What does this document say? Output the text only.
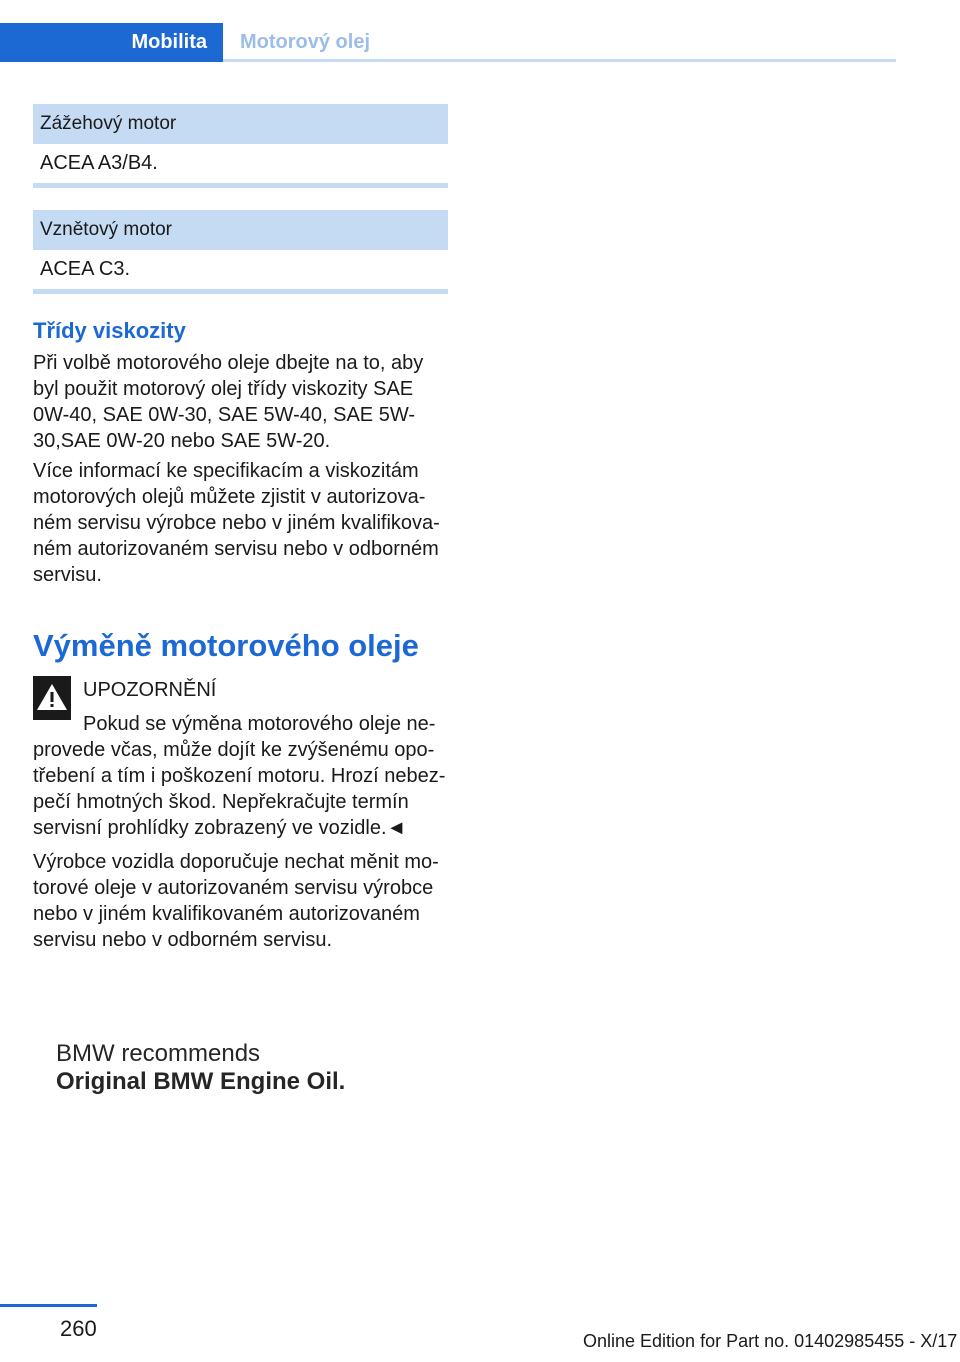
Mobilita	Motorový olej
Zážehový motor
ACEA A3/B4.
Vznětový motor
ACEA C3.
Třídy viskozity
Při volbě motorového oleje dbejte na to, aby byl použit motorový olej třídy viskozity SAE 0W-40, SAE 0W-30, SAE 5W-40, SAE 5W-30,SAE 0W-20 nebo SAE 5W-20.
Více informací ke specifikacím a viskozitám motorových olejů můžete zjistit v autorizova- ném servisu výrobce nebo v jiném kvalifikova- ném autorizovaném servisu nebo v odborném servisu.
Výměně motorového oleje
UPOZORNĚNÍ
Pokud se výměna motorového oleje ne- provede včas, může dojít ke zvýšenému opo- třebení a tím i poškození motoru. Hrozí nebez- pečí hmotných škod. Nepřekračujte termín servisní prohlídky zobrazený ve vozidle.◄
Výrobce vozidla doporučuje nechat měnit mo- torové oleje v autorizovaném servisu výrobce nebo v jiném kvalifikovaném autorizovaném servisu nebo v odborném servisu.
BMW recommends
Original BMW Engine Oil.
260	Online Edition for Part no. 01402985455 - X/17
